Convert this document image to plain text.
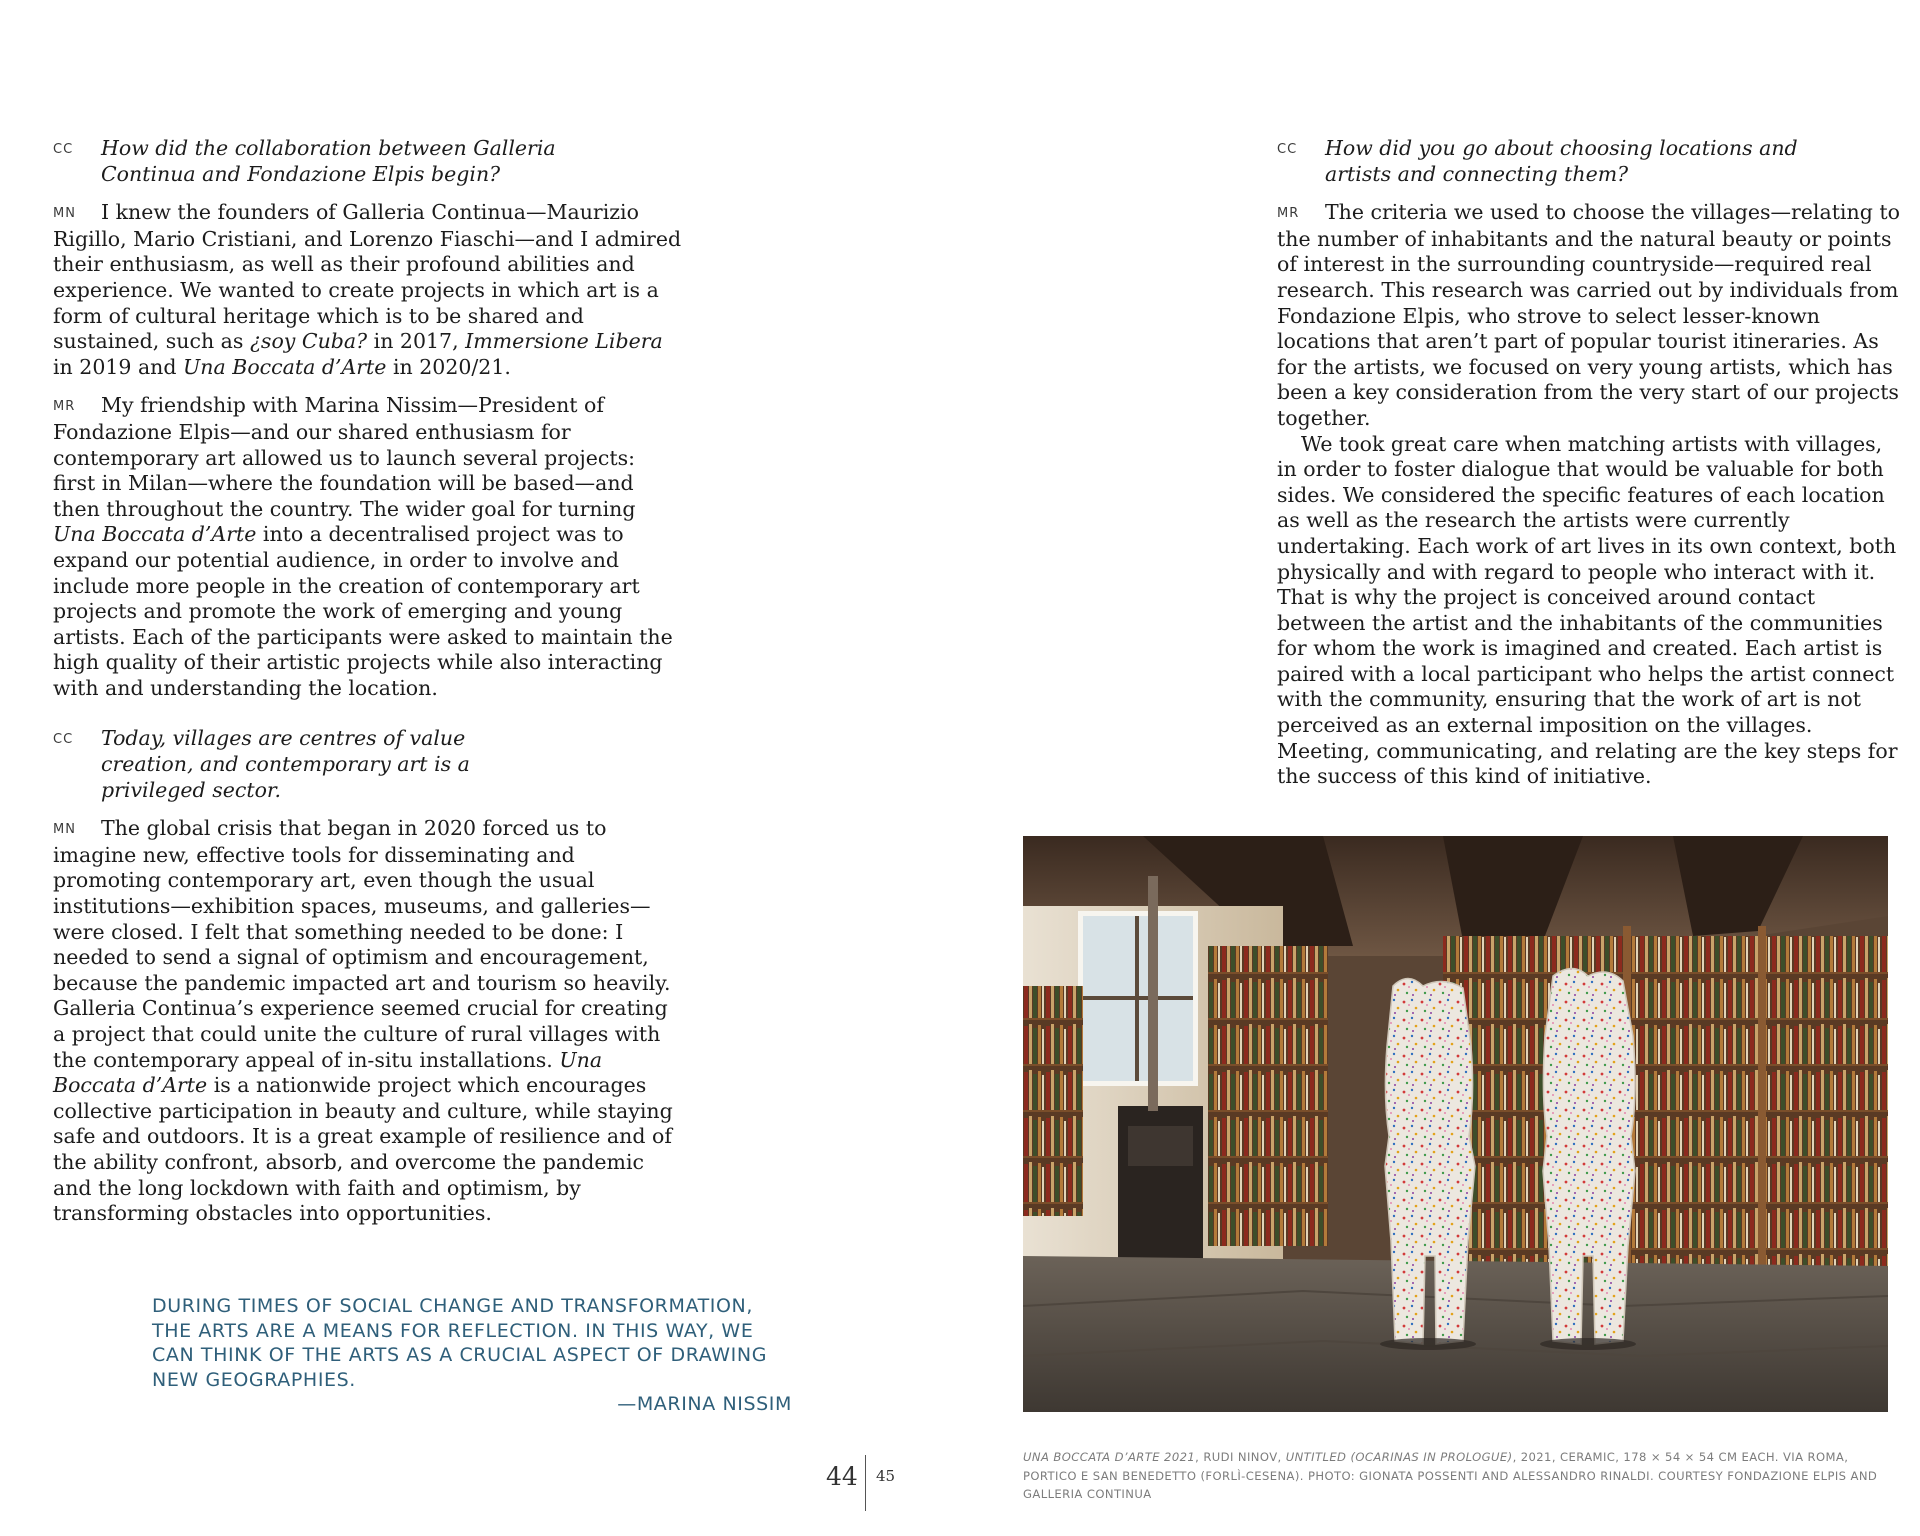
CC	How did the collaboration between Galleria Continua and Fondazione Elpis begin?

MN I knew the founders of Galleria Continua—Maurizio Rigillo, Mario Cristiani, and Lorenzo Fiaschi—and I admired their enthusiasm, as well as their profound abilities and experience. We wanted to create projects in which art is a form of cultural heritage which is to be shared and sustained, such as ¿soy Cuba? in 2017, Immersione Libera in 2019 and Una Boccata d’Arte in 2020/21.

MR My friendship with Marina Nissim—President of Fondazione Elpis—and our shared enthusiasm for contemporary art allowed us to launch several projects: first in Milan—where the foundation will be based—and then throughout the country. The wider goal for turning Una Boccata d’Arte into a decentralised project was to expand our potential audience, in order to involve and include more people in the creation of contemporary art projects and promote the work of emerging and young artists. Each of the participants were asked to maintain the high quality of their artistic projects while also interacting with and understanding the location.

CC	Today, villages are centres of value creation, and contemporary art is a privileged sector.

MN The global crisis that began in 2020 forced us to imagine new, effective tools for disseminating and promoting contemporary art, even though the usual institutions—exhibition spaces, museums, and galleries—were closed. I felt that something needed to be done: I needed to send a signal of optimism and encouragement, because the pandemic impacted art and tourism so heavily. Galleria Continua’s experience seemed crucial for creating a project that could unite the culture of rural villages with the contemporary appeal of in-situ installations. Una Boccata d’Arte is a nationwide project which encourages collective participation in beauty and culture, while staying safe and outdoors. It is a great example of resilience and of the ability confront, absorb, and overcome the pandemic and the long lockdown with faith and optimism, by transforming obstacles into opportunities.

CC	How did you go about choosing locations and artists and connecting them?

MR The criteria we used to choose the villages—relating to the number of inhabitants and the natural beauty or points of interest in the surrounding countryside—required real research. This research was carried out by individuals from Fondazione Elpis, who strove to select lesser-known locations that aren’t part of popular tourist itineraries. As for the artists, we focused on very young artists, which has been a key consideration from the very start of our projects together.

We took great care when matching artists with villages, in order to foster dialogue that would be valuable for both sides. We considered the specific features of each location as well as the research the artists were currently undertaking. Each work of art lives in its own context, both physically and with regard to people who interact with it. That is why the project is conceived around contact between the artist and the inhabitants of the communities for whom the work is imagined and created. Each artist is paired with a local participant who helps the artist connect with the community, ensuring that the work of art is not perceived as an external imposition on the villages. Meeting, communicating, and relating are the key steps for the success of this kind of initiative.

DURING TIMES OF SOCIAL CHANGE AND TRANSFORMATION, THE ARTS ARE A MEANS FOR REFLECTION. IN THIS WAY, WE CAN THINK OF THE ARTS AS A CRUCIAL ASPECT OF DRAWING NEW GEOGRAPHIES.
—MARINA NISSIM
44 45
UNA BOCCATA D’ARTE 2021, RUDI NINOV, UNTITLED (OCARINAS IN PROLOGUE), 2021, CERAMIC, 178 × 54 × 54 CM EACH. VIA ROMA, PORTICO E SAN BENEDETTO (FORLÌ-CESENA). PHOTO: GIONATA POSSENTI AND ALESSANDRO RINALDI. COURTESY FONDAZIONE ELPIS AND GALLERIA CONTINUA
